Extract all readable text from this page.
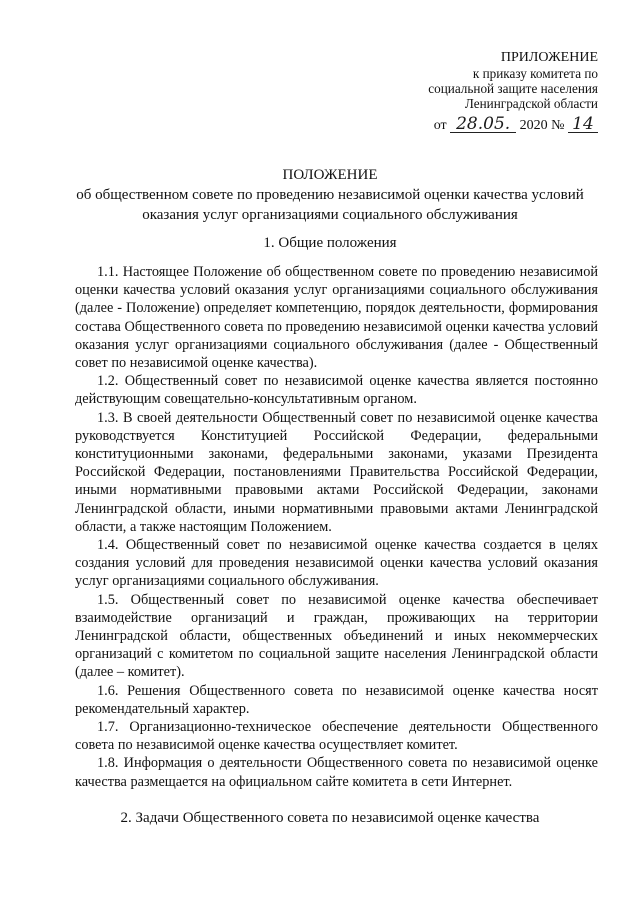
ПРИЛОЖЕНИЕ
к приказу комитета по
социальной защите населения
Ленинградской области
от 28.05. 2020 № 14
ПОЛОЖЕНИЕ
об общественном совете по проведению независимой оценки качества условий
оказания услуг организациями социального обслуживания
1. Общие положения

1.1. Настоящее Положение об общественном совете по проведению независимой оценки качества условий оказания услуг организациями социального обслуживания (далее - Положение) определяет компетенцию, порядок деятельности, формирования состава Общественного совета по проведению независимой оценки качества условий оказания услуг организациями социального обслуживания (далее - Общественный совет по независимой оценке качества).

1.2. Общественный совет по независимой оценке качества является постоянно действующим совещательно-консультативным органом.

1.3. В своей деятельности Общественный совет по независимой оценке качества руководствуется Конституцией Российской Федерации, федеральными конституционными законами, федеральными законами, указами Президента Российской Федерации, постановлениями Правительства Российской Федерации, иными нормативными правовыми актами Российской Федерации, законами Ленинградской области, иными нормативными правовыми актами Ленинградской области, а также настоящим Положением.

1.4. Общественный совет по независимой оценке качества создается в целях создания условий для проведения независимой оценки качества условий оказания услуг организациями социального обслуживания.

1.5. Общественный совет по независимой оценке качества обеспечивает взаимодействие организаций и граждан, проживающих на территории Ленинградской области, общественных объединений и иных некоммерческих организаций с комитетом по социальной защите населения Ленинградской области (далее – комитет).

1.6. Решения Общественного совета по независимой оценке качества носят рекомендательный характер.

1.7. Организационно-техническое обеспечение деятельности Общественного совета по независимой оценке качества осуществляет комитет.

1.8. Информация о деятельности Общественного совета по независимой оценке качества размещается на официальном сайте комитета в сети Интернет.

2. Задачи Общественного совета по независимой оценке качества
